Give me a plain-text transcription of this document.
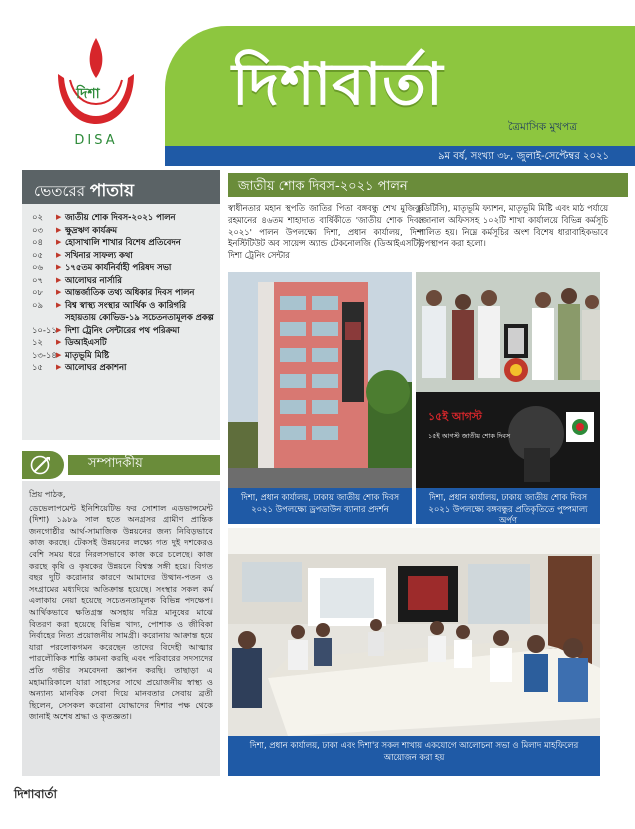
দিশা
DISA
দিশাবার্তা
ত্রৈমাসিক মুখপত্র
৯ম বর্ষ, সংখ্যা ৩৮, জুলাই-সেপ্টেম্বর ২০২১
ভেতরের পাতায়
০২	▶ জাতীয় শোক দিবস-২০২১ পালন
০৩	▶ ক্ষুদ্রঋণ কার্যক্রম
০৪	▶ হোসাখালি শাখার বিশেষ প্রতিবেদন
০৫	▶ সখিনার সাফল্য কথা
০৬	▶ ১৭৫তম কার্যনির্বাহী পরিষদ সভা
০৭	▶ আলোঘর নার্সারি
০৮	▶ আন্তর্জাতিক তথ্য অধিকার দিবস পালন
০৯	▶ বিশ্ব স্বাস্থ্য সংস্থার আর্থিক ও কারিগরি সহায়তায় কোভিড-১৯ সচেতনতামূলক প্রকল্প
১০-১১ ▶ দিশা ট্রেনিং সেন্টারের পথ পরিক্রমা
১২	▶ ডিআইএসটি
১৩-১৪ ▶ মাতৃভূমি মিষ্টি
১৫	▶ আলোঘর প্রকাশনা
সম্পাদকীয়
প্রিয় পাঠক,
ডেভেলাপমেন্ট ইনিশিয়েটিভ ফর সোশাল এডভান্সমেন্ট (দিশা) ১৯৮৯ সাল হতে অনগ্রসর গ্রামীণ প্রান্তিক জনগোষ্ঠীর আর্থ-সামাজিক উন্নয়নের জন্য নিবিড়ভাবে কাজ করছে। টেকসই উন্নয়নের লক্ষ্যে গত দুই দশকেরও বেশি সময় ধরে নিরলসভাবে কাজ করে চলেছে। কাজ করছে কৃষি ও কৃষকের উন্নয়নে বিশ্বস্ত সঙ্গী হয়ে। বিগত বছর দুটি করোনার কারণে আমাদের উত্থান-পতন ও সংগ্রামের মধ্যদিয়ে অতিক্রান্ত হয়েছে। সংস্থার সকল কর্ম এলাকায় নেয়া হয়েছে সচেতনতামূলক বিভিন্ন পদক্ষেপ। আর্থিকভাবে ক্ষতিগ্রস্ত অসহায় দরিদ্র মানুষের মাঝে বিতরণ করা হয়েছে বিভিন্ন খাদ্য, পোশাক ও জীবিকা নির্বাহের নিত্য প্রয়োজনীয় সামগ্রী। করোনায় আক্রান্ত হয়ে যারা পরলোকগমন করেছেন তাদের বিদেহী আত্মার পারলৌকিক শান্তি কামনা করছি এবং পরিবারের সদস্যদের প্রতি গভীর সমবেদনা জ্ঞাপন করছি। তাছাড়া এ মহামারিকালে যারা সাহসের সাথে প্রয়োজনীয় স্বাস্থ্য ও অন্যান্য মানবিক সেবা দিয়ে মানবতার সেবায় ব্রতী ছিলেন, সেসকল করোনা যোদ্ধাদের দিশার পক্ষ থেকে জানাই অশেষ শ্রদ্ধা ও কৃতজ্ঞতা।
জাতীয় শোক দিবস-২০২১ পালন
স্বাধীনতার মহান স্থপতি জাতির পিতা বঙ্গবন্ধু শেখ মুজিবুর রহমানের ৪৬তম শাহাদাত বার্ষিকীতে 'জাতীয় শোক দিবস ২০২১' পালন উপলক্ষ্যে দিশা, প্রধান কার্যালয়, দিশা ইনস্টিটিউট অব সায়েন্স অ্যান্ড টেকনোলজি (ডিআইএসটি), দিশা ট্রেনিং সেন্টার
(ডিটিসি), মাতৃভূমি ফ্যাশন, মাতৃভূমি মিষ্টি এবং মাঠ পর্যায়ে জোনাল অফিসসহ ১০২টি শাখা কার্যালয়ে বিভিন্ন কর্মসূচি পালিত হয়। নিম্নে কর্মসূচির অংশ বিশেষ ধারাবাহিকভাবে উপস্থাপন করা হলো।
দিশা, প্রধান কার্যালয়, ঢাকায় জাতীয় শোক দিবস ২০২১ উপলক্ষ্যে ড্রপডাউন ব্যানার প্রদর্শন
১৫ই আগস্ট
১৫ই আগস্ট জাতীয় শোক দিবস
দিশা, প্রধান কার্যালয়, ঢাকায় জাতীয় শোক দিবস ২০২১ উপলক্ষ্যে বঙ্গবন্ধুর প্রতিকৃতিতে পুষ্পমাল্য অর্পণ
দিশা, প্রধান কার্যালয়, ঢাকা এবং দিশা'র সকল শাখায় একযোগে আলোচনা সভা ও মিলাদ মাহফিলের আয়োজন করা হয়
দিশাবার্তা
